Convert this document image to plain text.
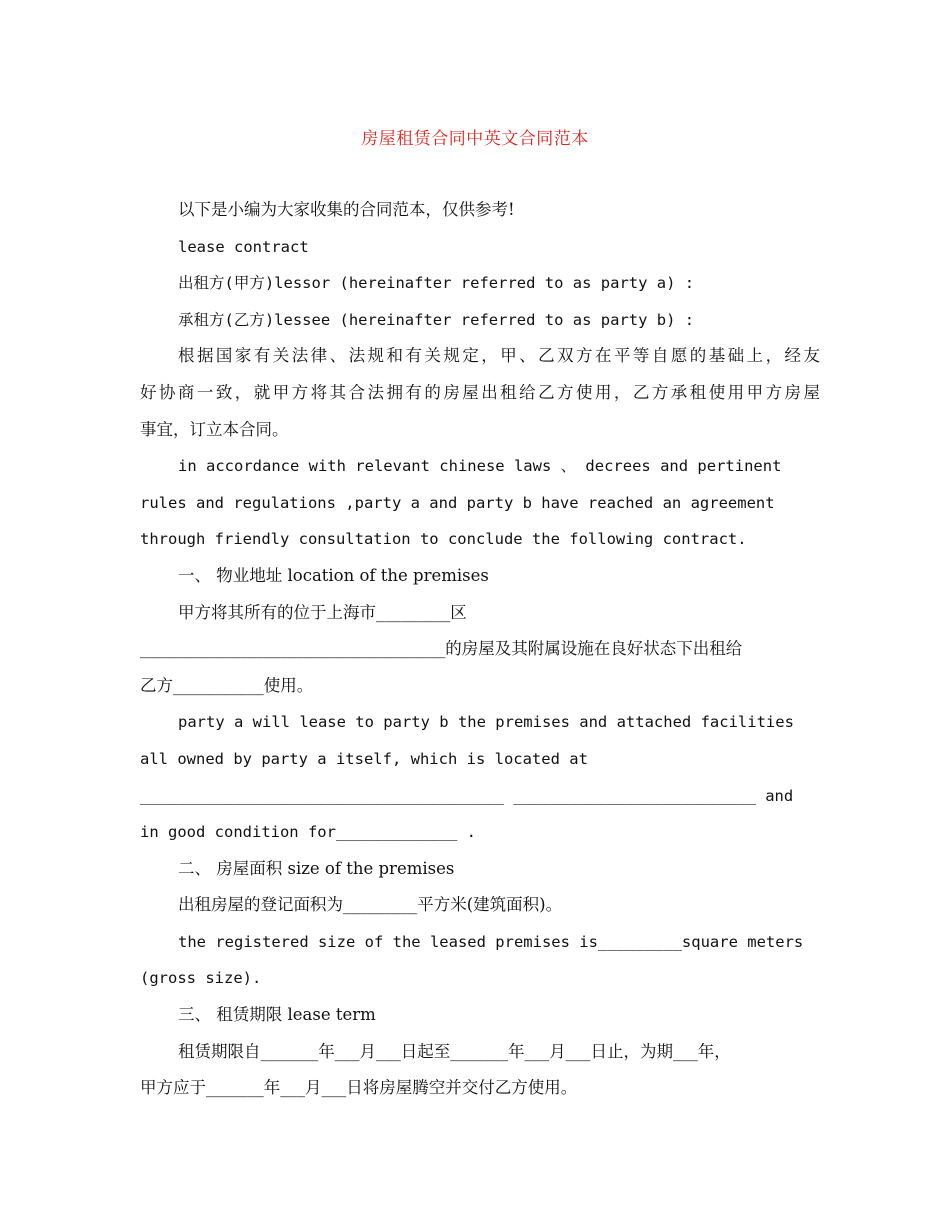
房屋租赁合同中英文合同范本

以下是小编为大家收集的合同范本，仅供参考!

lease contract

出租方(甲方)lessor (hereinafter referred to as party a) :

承租方(乙方)lessee (hereinafter referred to as party b) :

根据国家有关法律、法规和有关规定，甲、乙双方在平等自愿的基础上，经友

好协商一致，就甲方将其合法拥有的房屋出租给乙方使用，乙方承租使用甲方房屋

事宜，订立本合同。

in accordance with relevant chinese laws 、 decrees and pertinent

rules and regulations ,party a and party b have reached an agreement

through friendly consultation to conclude the following contract.

一、 物业地址 location of the premises

甲方将其所有的位于上海市_________区

_____________________________________的房屋及其附属设施在良好状态下出租给

乙方___________使用。

party a will lease to party b the premises and attached facilities

all owned by party a itself, which is located at

_______________________________________ __________________________ and

in good condition for_____________ .

二、 房屋面积 size of the premises

出租房屋的登记面积为_________平方米(建筑面积)。

the registered size of the leased premises is_________square meters

(gross size).

三、 租赁期限 lease term

租赁期限自_______年___月___日起至_______年___月___日止，为期___年，

甲方应于_______年___月___日将房屋腾空并交付乙方使用。
